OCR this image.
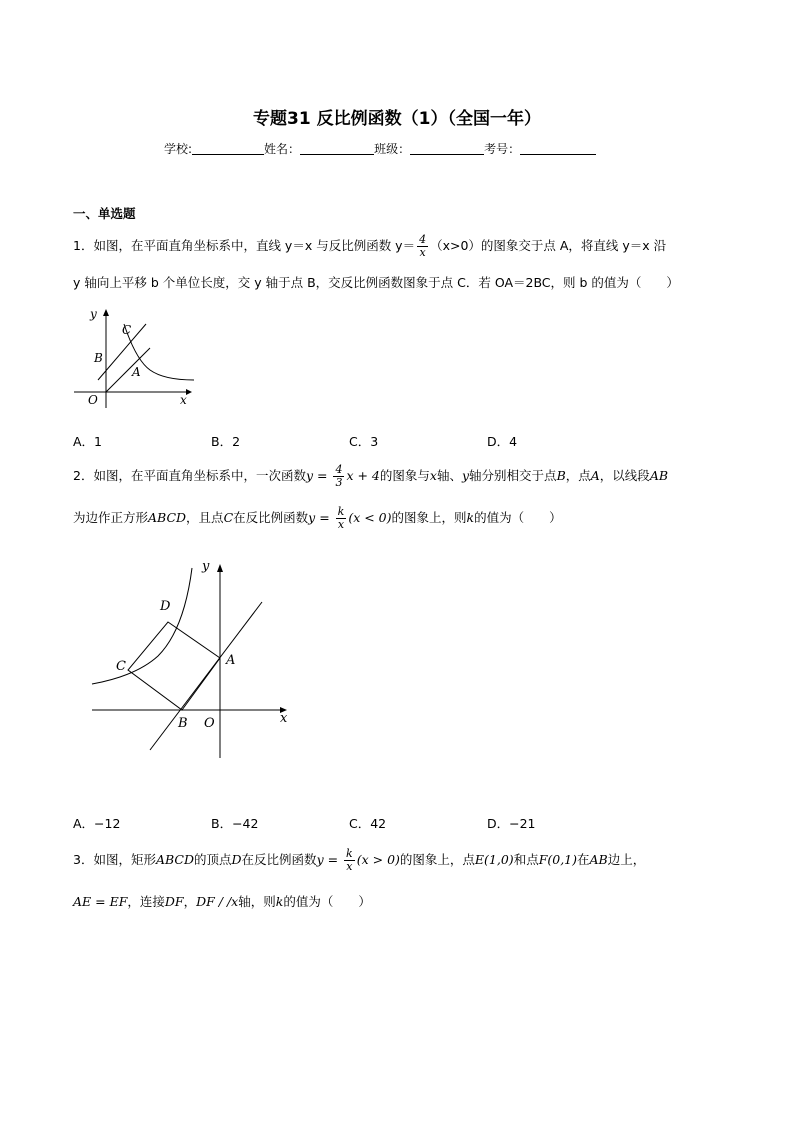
专题31 反比例函数（1）（全国一年）
学校:	姓名：	班级：	考号：
一、单选题
1．如图，在平面直角坐标系中，直线 y＝x 与反比例函数 $y= \frac{4}{x} (x>0)$的图象交于点 A，将直线 y＝x 沿
y 轴向上平移 b 个单位长度，交 y 轴于点 B，交反比例函数图象于点 C．若 OA＝2BC，则 b 的值为（　　）
y
x
O
A
B
C
A．1	B．2	C．3	D．4
2．如图，在平面直角坐标系中，一次函数$y = \frac{4}{3}$ x + 4的图象与x轴、y轴分别相交于点B，点A，以线段AB
为边作正方形ABCD，且点C在反比例函数$y = \frac{k}{x} (x < 0)$的图象上，则k的值为（　　）
y
x
O
B
A
C
D
A．−12	B．−42	C．42	D．−21
3．如图，矩形ABCD的顶点D在反比例函数$y = \frac{k}{x} (x > 0)$的图象上，点E(1,0)和点F(0,1)在AB边上，
AE = EF，连接DF，DF / /x轴，则k的值为（　　）
